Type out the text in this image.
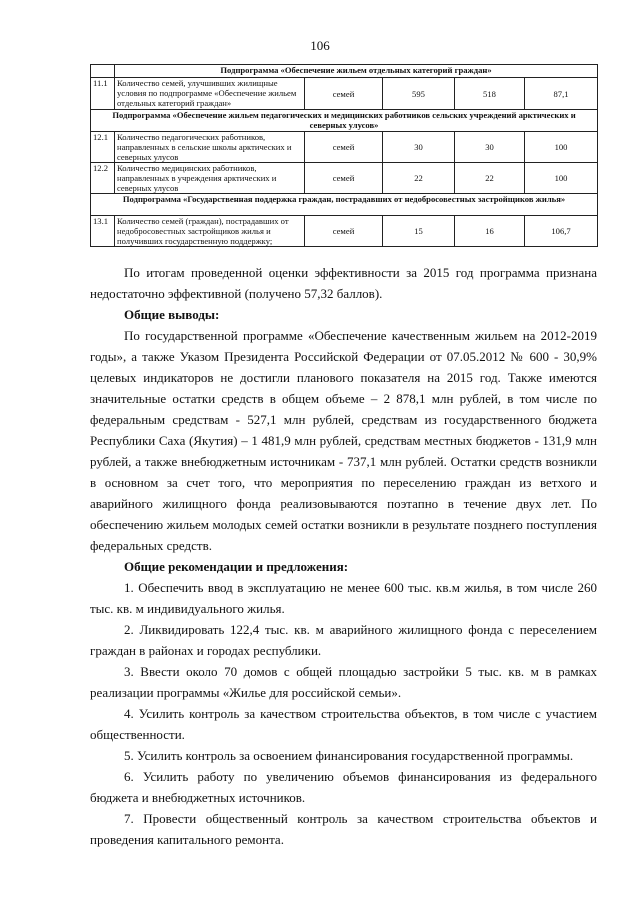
106
	Подпрограмма «Обеспечение жильем отдельных категорий граждан»				
11.1	Количество семей, улучшивших жилищные условия по подпрограмме «Обеспечение жильем отдельных категорий граждан»	семей	595	518	87,1
Подпрограмма «Обеспечение жильем педагогических и медицинских работников сельских учреждений арктических и северных улусов»					
12.1	Количество педагогических работников, направленных в сельские школы арктических и северных улусов	семей	30	30	100
12.2	Количество медицинских работников, направленных в учреждения арктических и северных улусов	семей	22	22	100
Подпрограмма «Государственная поддержка граждан, пострадавших от недобросовестных застройщиков жилья»					
13.1	Количество семей (граждан), пострадавших от недобросовестных застройщиков жилья и получивших государственную поддержку;	семей	15	16	106,7

По итогам проведенной оценки эффективности за 2015 год программа признана недостаточно эффективной (получено 57,32 баллов).

Общие выводы:

По государственной программе «Обеспечение качественным жильем на 2012-2019 годы», а также Указом Президента Российской Федерации от 07.05.2012 № 600 - 30,9% целевых индикаторов не достигли планового показателя на 2015 год. Также имеются значительные остатки средств в общем объеме – 2 878,1 млн рублей, в том числе по федеральным средствам - 527,1 млн рублей, средствам из государственного бюджета Республики Саха (Якутия) – 1 481,9 млн рублей, средствам местных бюджетов - 131,9 млн рублей, а также внебюджетным источникам - 737,1 млн рублей. Остатки средств возникли в основном за счет того, что мероприятия по переселению граждан из ветхого и аварийного жилищного фонда реализовываются поэтапно в течение двух лет. По обеспечению жильем молодых семей остатки возникли в результате позднего поступления федеральных средств.

Общие рекомендации и предложения:

1. Обеспечить ввод в эксплуатацию не менее 600 тыс. кв.м жилья, в том числе 260 тыс. кв. м индивидуального жилья.

2. Ликвидировать 122,4 тыс. кв. м аварийного жилищного фонда с переселением граждан в районах и городах республики.

3. Ввести около 70 домов с общей площадью застройки 5 тыс. кв. м в рамках реализации программы «Жилье для российской семьи».

4. Усилить контроль за качеством строительства объектов, в том числе с участием общественности.

5. Усилить контроль за освоением финансирования государственной программы.

6. Усилить работу по увеличению объемов финансирования из федерального бюджета и внебюджетных источников.

7. Провести общественный контроль за качеством строительства объектов и проведения капитального ремонта.
